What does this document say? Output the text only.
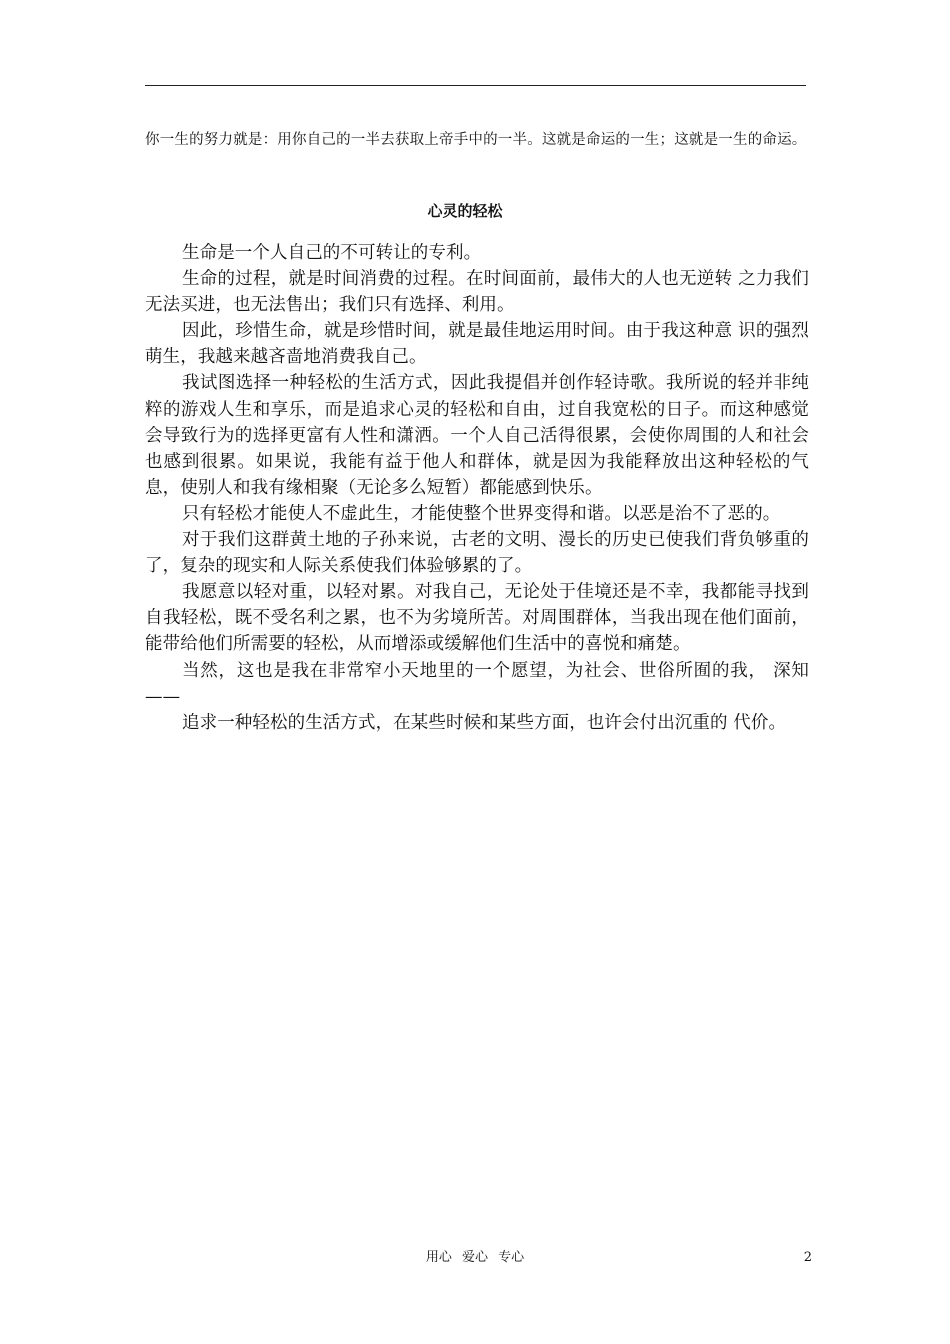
你一生的努力就是：用你自己的一半去获取上帝手中的一半。这就是命运的一生；这就是一生的命运。

心灵的轻松

生命是一个人自己的不可转让的专利。

生命的过程，就是时间消费的过程。在时间面前，最伟大的人也无逆转 之力我们无法买进，也无法售出；我们只有选择、利用。

因此，珍惜生命，就是珍惜时间，就是最佳地运用时间。由于我这种意 识的强烈萌生，我越来越吝啬地消费我自己。

我试图选择一种轻松的生活方式，因此我提倡并创作轻诗歌。我所说的轻并非纯粹的游戏人生和享乐，而是追求心灵的轻松和自由，过自我宽松的日子。而这种感觉会导致行为的选择更富有人性和潇洒。一个人自己活得很累，会使你周围的人和社会也感到很累。如果说，我能有益于他人和群体，就是因为我能释放出这种轻松的气息，使别人和我有缘相聚（无论多么短暂）都能感到快乐。

只有轻松才能使人不虚此生，才能使整个世界变得和谐。以恶是治不了恶的。

对于我们这群黄土地的子孙来说，古老的文明、漫长的历史已使我们背负够重的了，复杂的现实和人际关系使我们体验够累的了。

我愿意以轻对重，以轻对累。对我自己，无论处于佳境还是不幸，我都能寻找到自我轻松，既不受名利之累，也不为劣境所苦。对周围群体，当我出现在他们面前，能带给他们所需要的轻松，从而增添或缓解他们生活中的喜悦和痛楚。

当然，这也是我在非常窄小天地里的一个愿望，为社会、世俗所囿的我， 深知——

追求一种轻松的生活方式，在某些时候和某些方面，也许会付出沉重的 代价。

用心 爱心 专心	2
